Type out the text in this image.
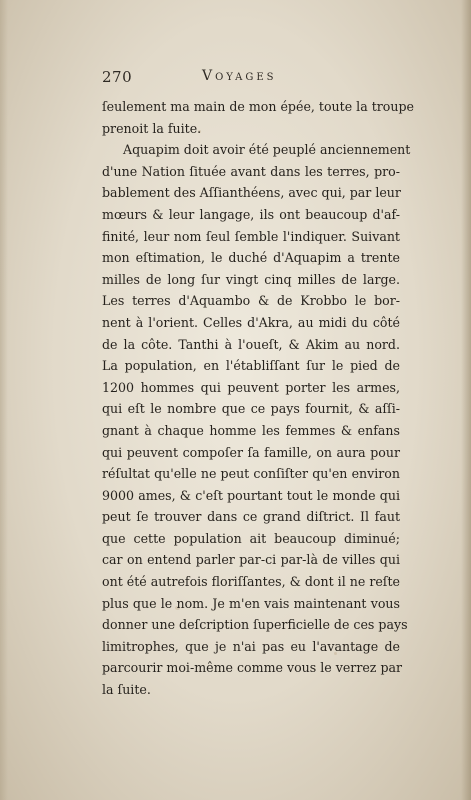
270	Voyages
ſeulement ma main de mon épée, toute la troupe
prenoit la fuite.
Aquapim doit avoir été peuplé anciennement
d'une Nation ſituée avant dans les terres, pro-
bablement des Aſſianthéens, avec qui, par leur
mœurs & leur langage, ils ont beaucoup d'af-
finité, leur nom ſeul ſemble l'indiquer. Suivant
mon eſtimation, le duché d'Aquapim a trente
milles de long ſur vingt cinq milles de large.
Les terres d'Aquambo & de Krobbo le bor-
nent à l'orient. Celles d'Akra, au midi du côté
de la côte. Tanthi à l'oueſt, & Akim au nord.
La population, en l'établiſſant ſur le pied de
1200 hommes qui peuvent porter les armes,
qui eſt le nombre que ce pays fournit, & aſſi-
gnant à chaque homme les femmes & enfans
qui peuvent compoſer ſa famille, on aura pour
réſultat qu'elle ne peut conſiſter qu'en environ
9000 ames, & c'eſt pourtant tout le monde qui
peut ſe trouver dans ce grand diſtrict. Il faut
que cette population ait beaucoup diminué;
car on entend parler par-ci par-là de villes qui
ont été autrefois floriſſantes, & dont il ne reſte
plus que le nom. Je m'en vais maintenant vous
donner une deſcription ſuperficielle de ces pays
limitrophes, que je n'ai pas eu l'avantage de
parcourir moi-même comme vous le verrez par
la ſuite.
